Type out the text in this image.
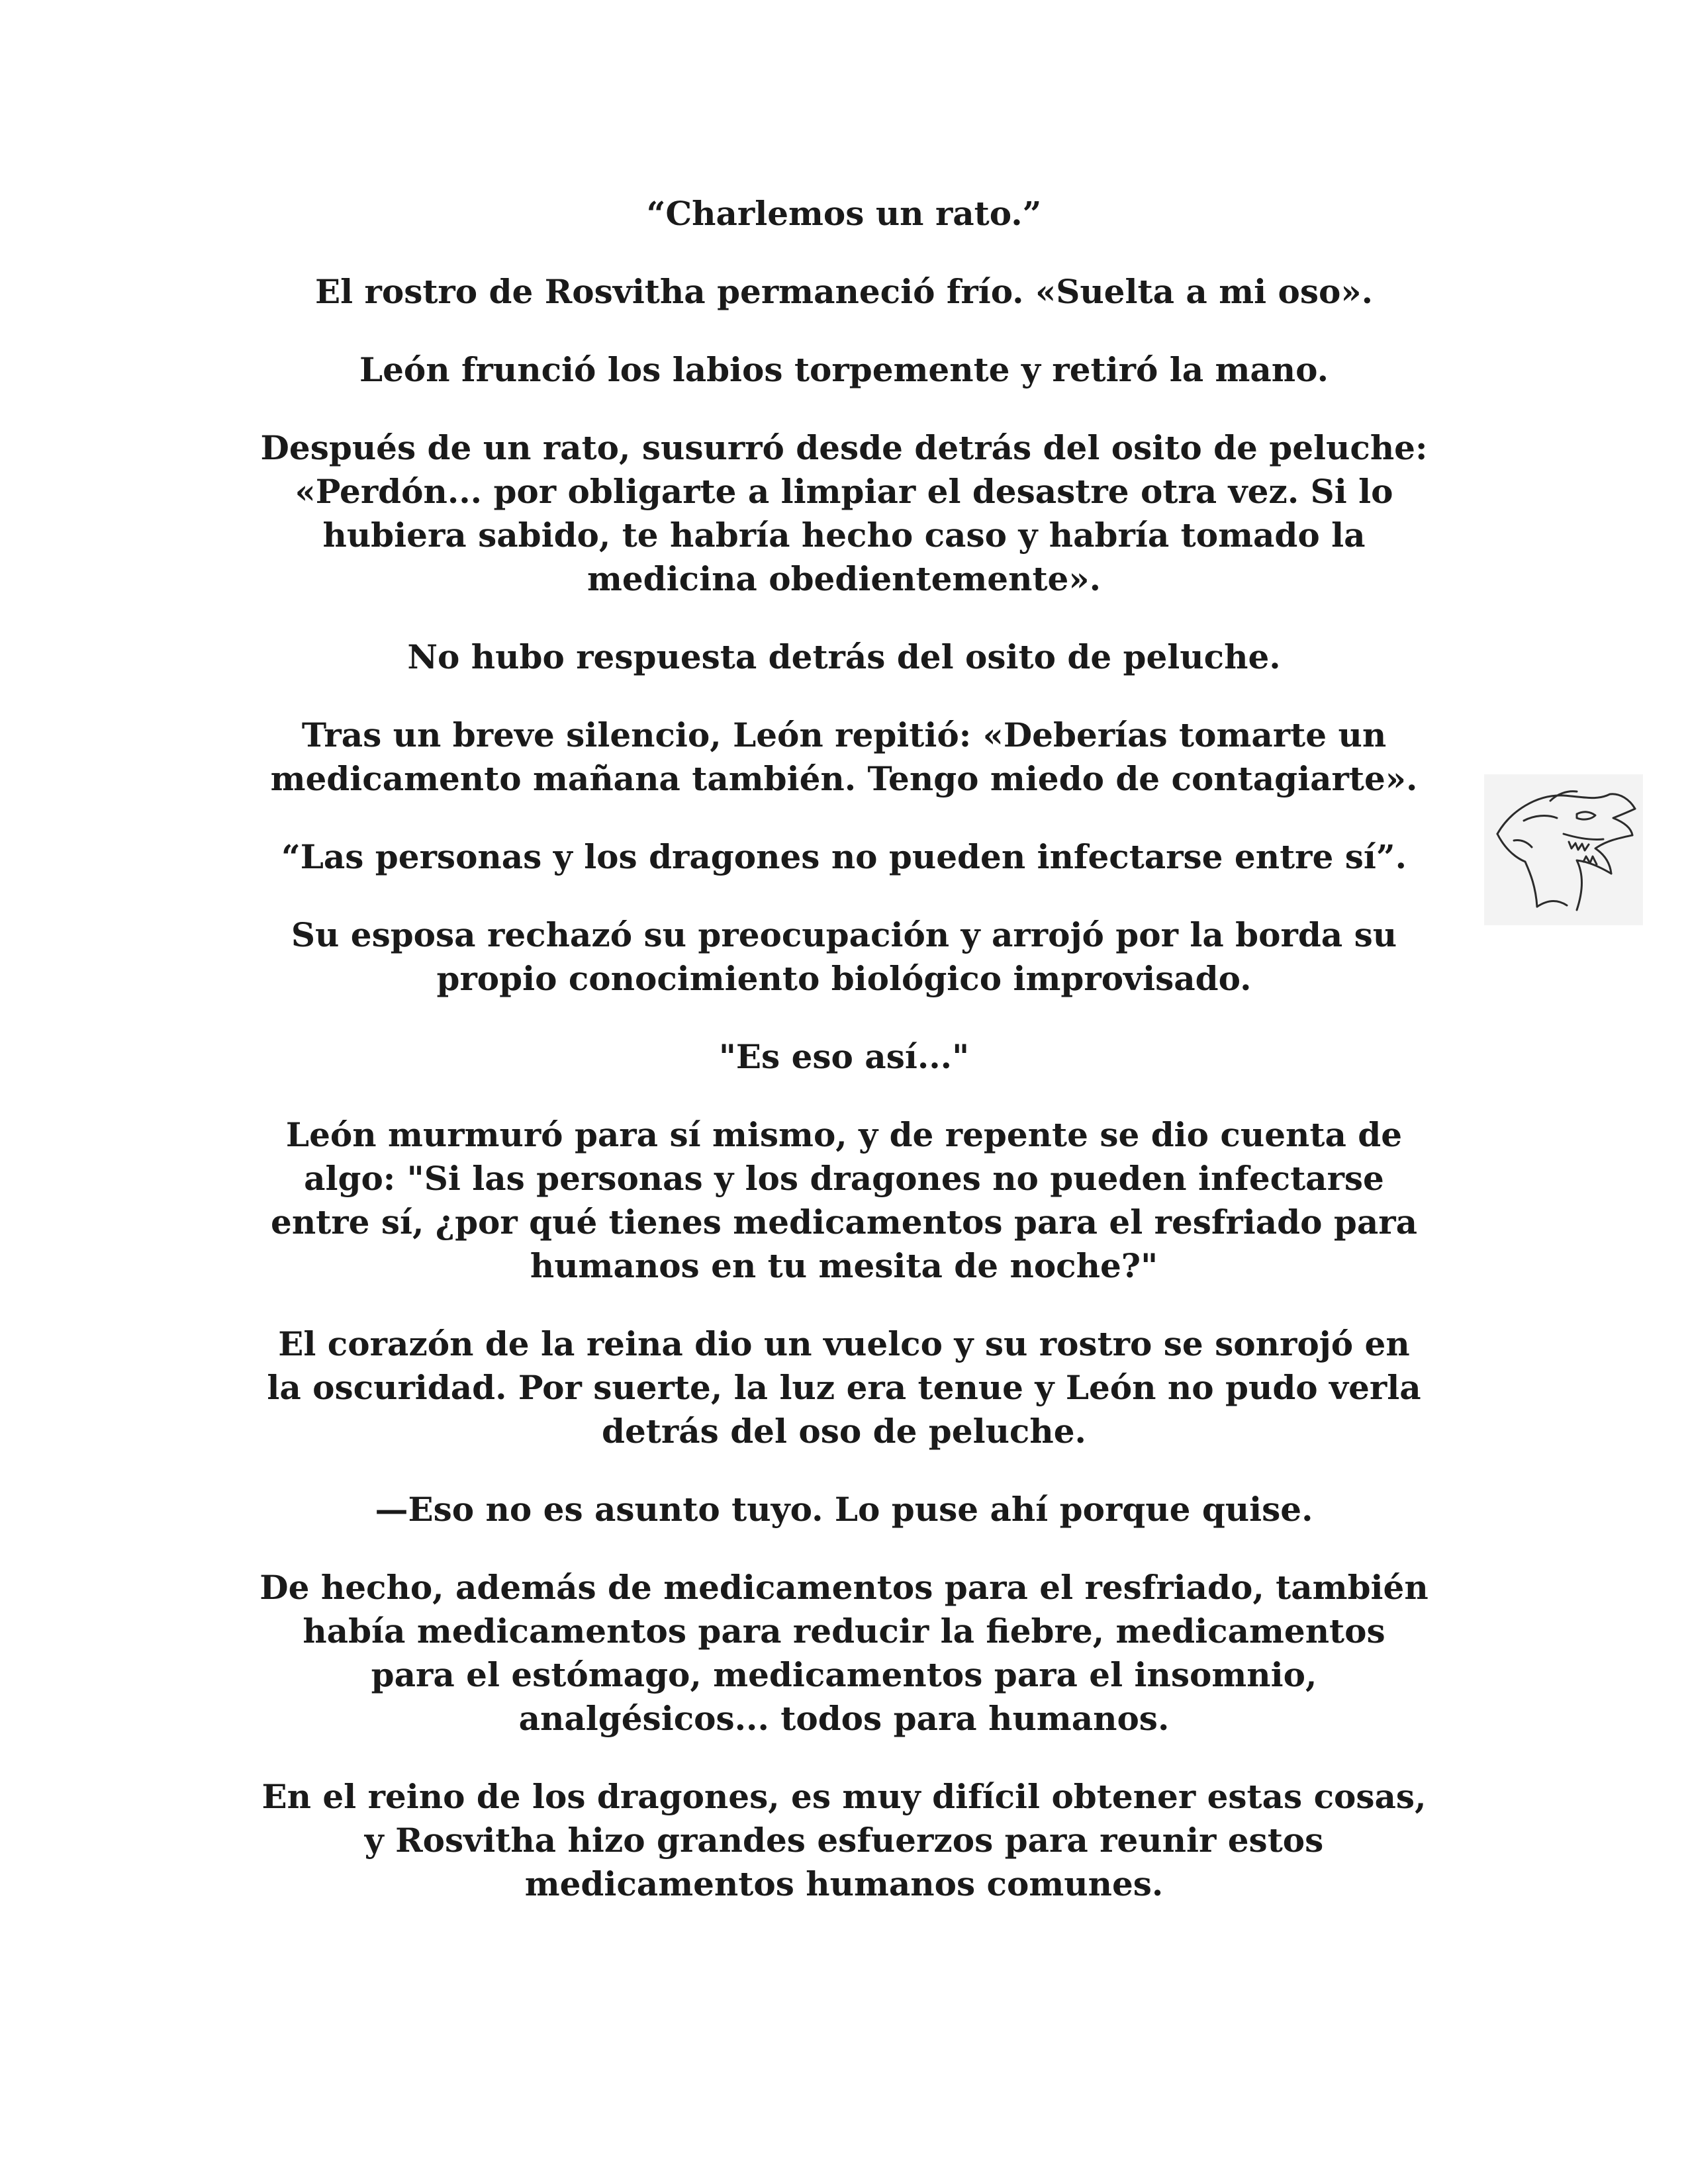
“Charlemos un rato.”

El rostro de Rosvitha permaneció frío. «Suelta a mi oso».

León frunció los labios torpemente y retiró la mano.

Después de un rato, susurró desde detrás del osito de peluche:
«Perdón... por obligarte a limpiar el desastre otra vez. Si lo
hubiera sabido, te habría hecho caso y habría tomado la
medicina obedientemente».

No hubo respuesta detrás del osito de peluche.

Tras un breve silencio, León repitió: «Deberías tomarte un
medicamento mañana también. Tengo miedo de contagiarte».

“Las personas y los dragones no pueden infectarse entre sí”.

Su esposa rechazó su preocupación y arrojó por la borda su
propio conocimiento biológico improvisado.

"Es eso así..."

León murmuró para sí mismo, y de repente se dio cuenta de
algo: "Si las personas y los dragones no pueden infectarse
entre sí, ¿por qué tienes medicamentos para el resfriado para
humanos en tu mesita de noche?"

El corazón de la reina dio un vuelco y su rostro se sonrojó en
la oscuridad. Por suerte, la luz era tenue y León no pudo verla
detrás del oso de peluche.

—Eso no es asunto tuyo. Lo puse ahí porque quise.

De hecho, además de medicamentos para el resfriado, también
había medicamentos para reducir la fiebre, medicamentos
para el estómago, medicamentos para el insomnio,
analgésicos... todos para humanos.

En el reino de los dragones, es muy difícil obtener estas cosas,
y Rosvitha hizo grandes esfuerzos para reunir estos
medicamentos humanos comunes.
